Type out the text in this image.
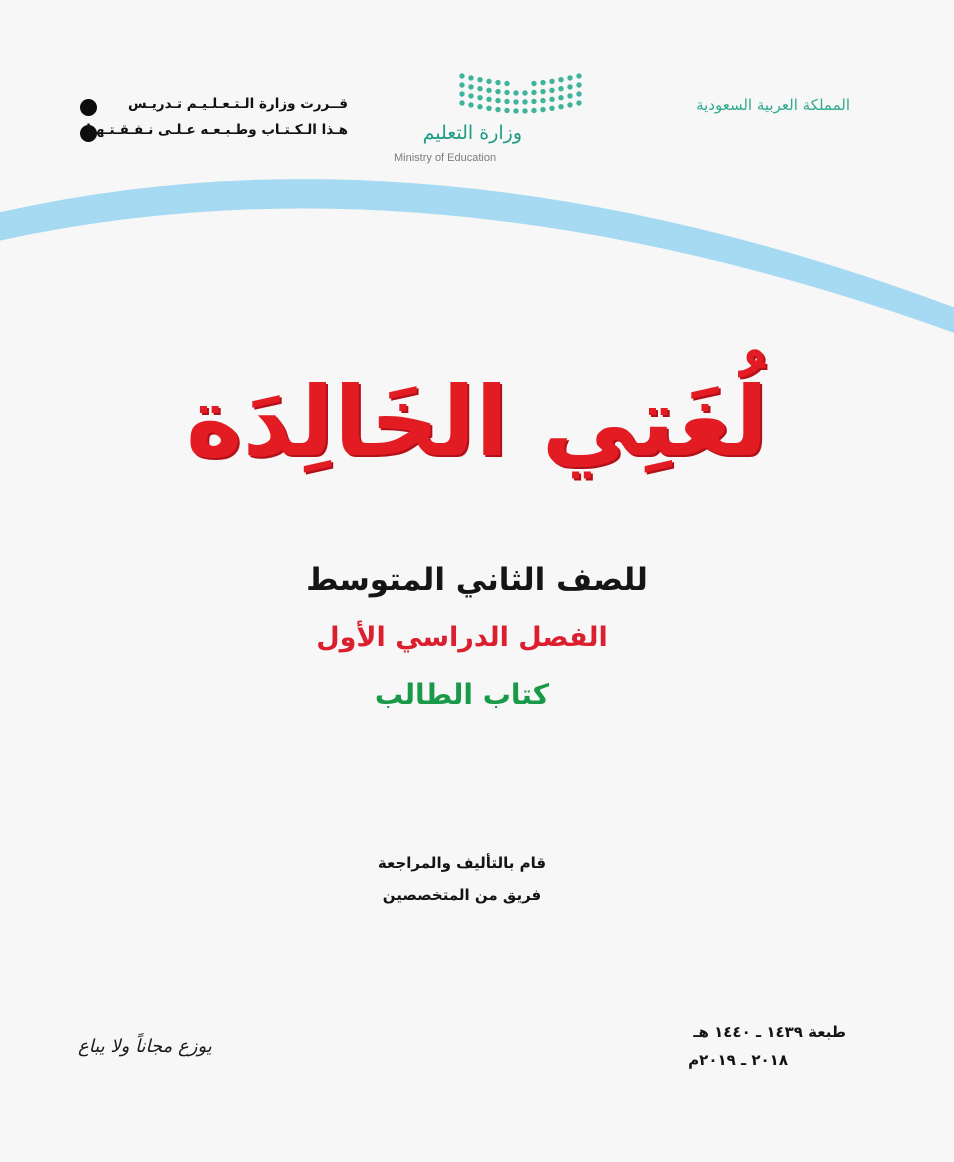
المملكة العربية السعودية
وزارة التعليم
Ministry of Education
قــررت وزارة الـتـعـلـيـم تـدريـس
هـذا الـكـتـاب وطـبـعـه عـلـى نـفـقـتـهـا
لُغَتِي الخَالِدَة
للصف الثاني المتوسط
الفصل الدراسي الأول
كتاب الطالب
قام بالتأليف والمراجعة
فريق من المتخصصين
طبعة ١٤٣٩ ـ ١٤٤٠ هـ
٢٠١٨ ـ ٢٠١٩م
يوزع مجاناً ولا يباع
